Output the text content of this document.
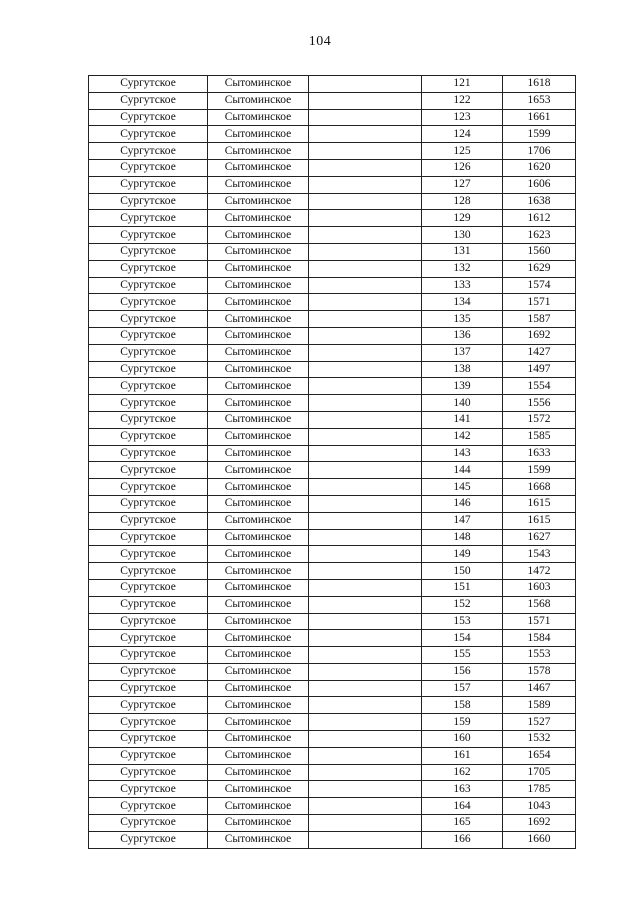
104
Сургутское	Сытоминское		121	1618
Сургутское	Сытоминское		122	1653
Сургутское	Сытоминское		123	1661
Сургутское	Сытоминское		124	1599
Сургутское	Сытоминское		125	1706
Сургутское	Сытоминское		126	1620
Сургутское	Сытоминское		127	1606
Сургутское	Сытоминское		128	1638
Сургутское	Сытоминское		129	1612
Сургутское	Сытоминское		130	1623
Сургутское	Сытоминское		131	1560
Сургутское	Сытоминское		132	1629
Сургутское	Сытоминское		133	1574
Сургутское	Сытоминское		134	1571
Сургутское	Сытоминское		135	1587
Сургутское	Сытоминское		136	1692
Сургутское	Сытоминское		137	1427
Сургутское	Сытоминское		138	1497
Сургутское	Сытоминское		139	1554
Сургутское	Сытоминское		140	1556
Сургутское	Сытоминское		141	1572
Сургутское	Сытоминское		142	1585
Сургутское	Сытоминское		143	1633
Сургутское	Сытоминское		144	1599
Сургутское	Сытоминское		145	1668
Сургутское	Сытоминское		146	1615
Сургутское	Сытоминское		147	1615
Сургутское	Сытоминское		148	1627
Сургутское	Сытоминское		149	1543
Сургутское	Сытоминское		150	1472
Сургутское	Сытоминское		151	1603
Сургутское	Сытоминское		152	1568
Сургутское	Сытоминское		153	1571
Сургутское	Сытоминское		154	1584
Сургутское	Сытоминское		155	1553
Сургутское	Сытоминское		156	1578
Сургутское	Сытоминское		157	1467
Сургутское	Сытоминское		158	1589
Сургутское	Сытоминское		159	1527
Сургутское	Сытоминское		160	1532
Сургутское	Сытоминское		161	1654
Сургутское	Сытоминское		162	1705
Сургутское	Сытоминское		163	1785
Сургутское	Сытоминское		164	1043
Сургутское	Сытоминское		165	1692
Сургутское	Сытоминское		166	1660
